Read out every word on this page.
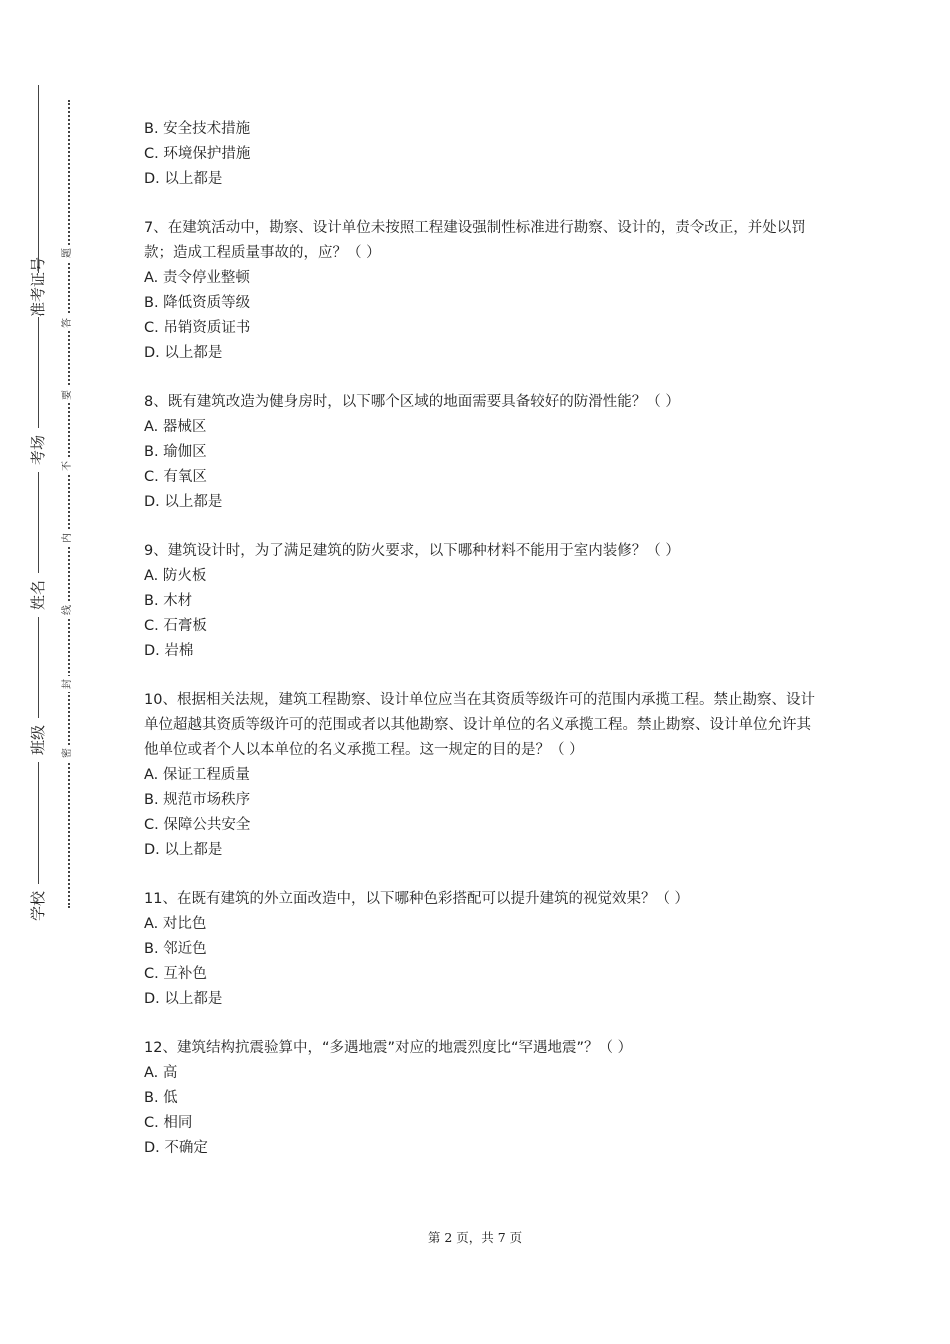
准考证号
考场
姓名
班级
学校
题
答
要
不
内
线
封
密
B. 安全技术措施
C. 环境保护措施
D. 以上都是
7、在建筑活动中，勘察、设计单位未按照工程建设强制性标准进行勘察、设计的，责令改正，并处以罚款；造成工程质量事故的，应？（ ）
A. 责令停业整顿
B. 降低资质等级
C. 吊销资质证书
D. 以上都是
8、既有建筑改造为健身房时，以下哪个区域的地面需要具备较好的防滑性能？（ ）
A. 器械区
B. 瑜伽区
C. 有氧区
D. 以上都是
9、建筑设计时，为了满足建筑的防火要求，以下哪种材料不能用于室内装修？（ ）
A. 防火板
B. 木材
C. 石膏板
D. 岩棉
10、根据相关法规，建筑工程勘察、设计单位应当在其资质等级许可的范围内承揽工程。禁止勘察、设计单位超越其资质等级许可的范围或者以其他勘察、设计单位的名义承揽工程。禁止勘察、设计单位允许其他单位或者个人以本单位的名义承揽工程。这一规定的目的是？（ ）
A. 保证工程质量
B. 规范市场秩序
C. 保障公共安全
D. 以上都是
11、在既有建筑的外立面改造中，以下哪种色彩搭配可以提升建筑的视觉效果？（ ）
A. 对比色
B. 邻近色
C. 互补色
D. 以上都是
12、建筑结构抗震验算中，“多遇地震”对应的地震烈度比“罕遇地震”？（ ）
A. 高
B. 低
C. 相同
D. 不确定
第 2 页，共 7 页
